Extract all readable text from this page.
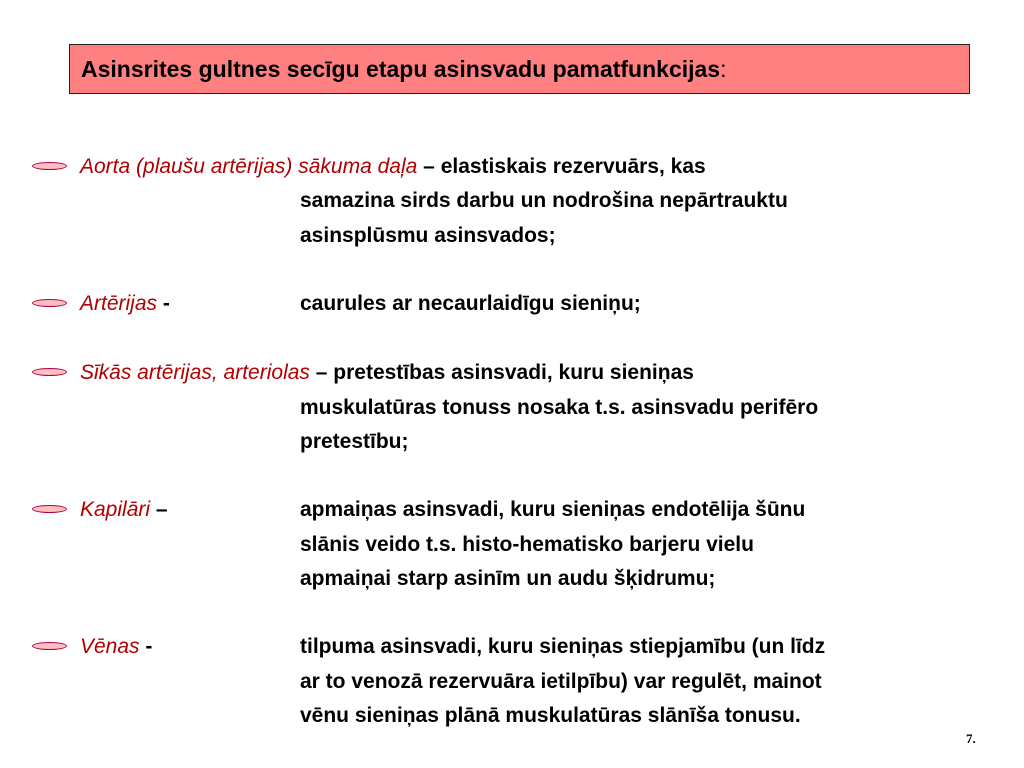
Asinsrites gultnes secīgu etapu asinsvadu pamatfunkcijas :
Aorta (plaušu artērijas) sākuma daļa – elastiskais rezervuārs, kas
samazina sirds darbu un nodrošina nepārtrauktu
asinsplūsmu asinsvados;
Artērijas -	caurules ar necaurlaidīgu sieniņu;
Sīkās artērijas, arteriolas – pretestības asinsvadi, kuru sieniņas
muskulatūras tonuss nosaka t.s. asinsvadu perifēro
pretestību;
Kapilāri –	apmaiņas asinsvadi, kuru sieniņas endotēlija šūnu
slānis veido t.s. histo-hematisko barjeru vielu
apmaiņai starp asinīm un audu šķidrumu;
Vēnas -	tilpuma asinsvadi, kuru sieniņas stiepjamību (un līdz
ar to venozā rezervuāra ietilpību) var regulēt, mainot
vēnu sieniņas plānā muskulatūras slānīša tonusu.
7.
